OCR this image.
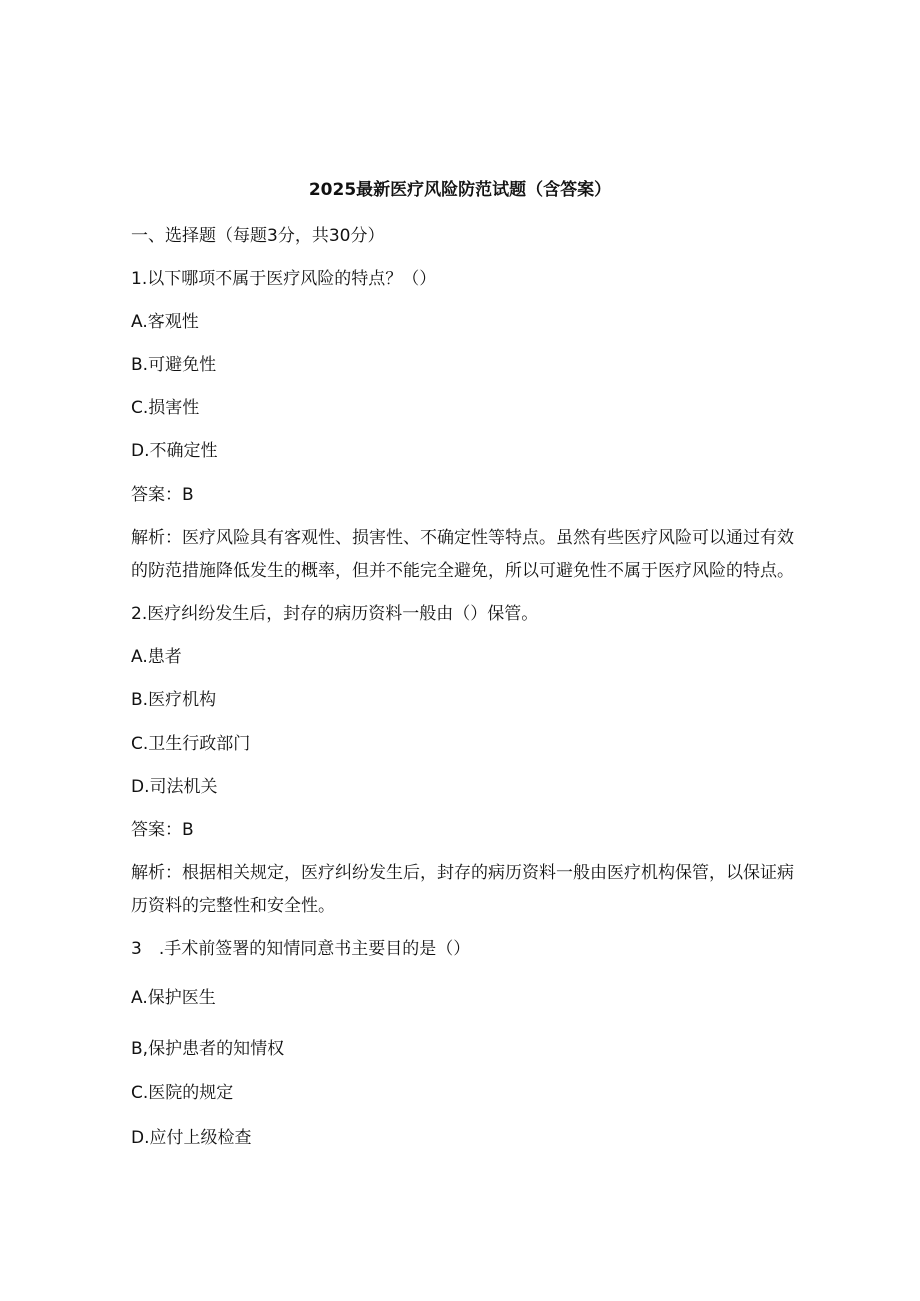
2025最新医疗风险防范试题（含答案）
一、选择题（每题3分，共30分）
1.以下哪项不属于医疗风险的特点？（）
A.客观性
B.可避免性
C.损害性
D.不确定性
答案：B
解析：医疗风险具有客观性、损害性、不确定性等特点。虽然有些医疗风险可以通过有效的防范措施降低发生的概率，但并不能完全避免，所以可避免性不属于医疗风险的特点。
2.医疗纠纷发生后，封存的病历资料一般由（）保管。
A.患者
B.医疗机构
C.卫生行政部门
D.司法机关
答案：B
解析：根据相关规定，医疗纠纷发生后，封存的病历资料一般由医疗机构保管，以保证病历资料的完整性和安全性。
3　.手术前签署的知情同意书主要目的是（）
A.保护医生
B,保护患者的知情权
C.医院的规定
D.应付上级检查
